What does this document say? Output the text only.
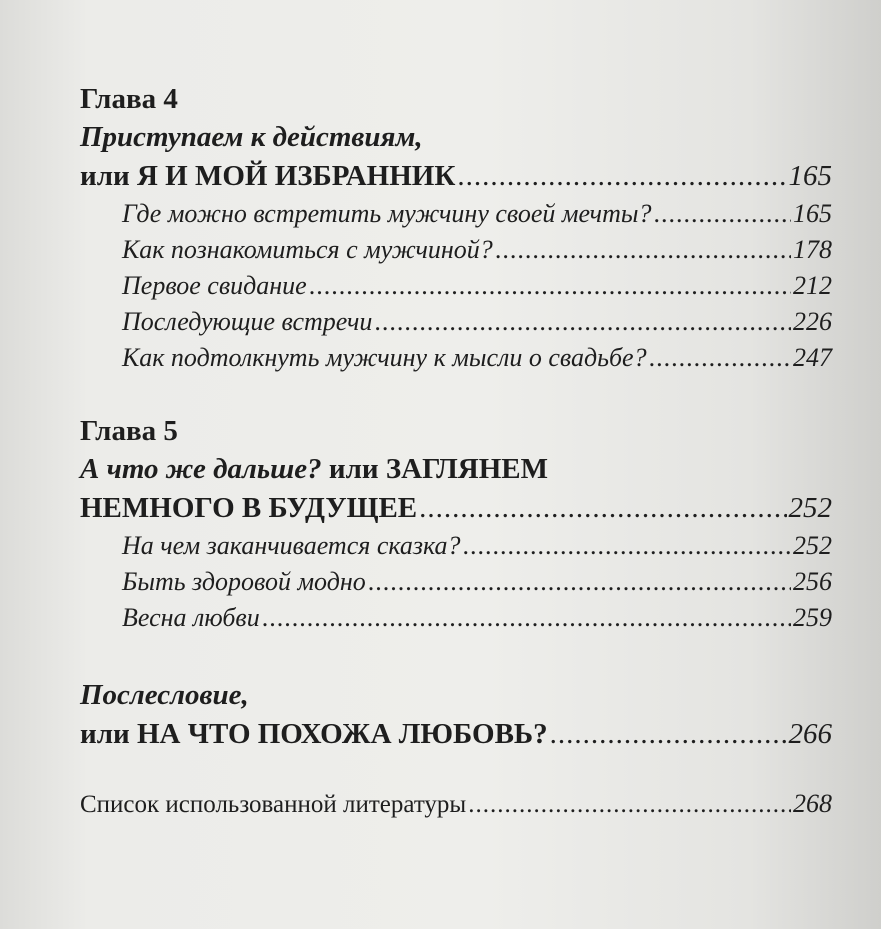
Глава 4
Приступаем к действиям,
или
Я И МОЙ ИЗБРАННИК .....	165
Где можно встретить мужчину своей мечты? .....	165
Как познакомиться с мужчиной? .....	178
Первое свидание .....	212
Последующие встречи .....	226
Как подтолкнуть мужчину к мысли о свадьбе? .....	247
Глава 5
А что же дальше? или ЗАГЛЯНЕМ
НЕМНОГО В БУДУЩЕЕ .....	252
На чем заканчивается сказка? .....	252
Быть здоровой модно .....	256
Весна любви .....	259
Послесловие,
или
НА ЧТО ПОХОЖА ЛЮБОВЬ? .....	266
Список использованной литературы .....	268
